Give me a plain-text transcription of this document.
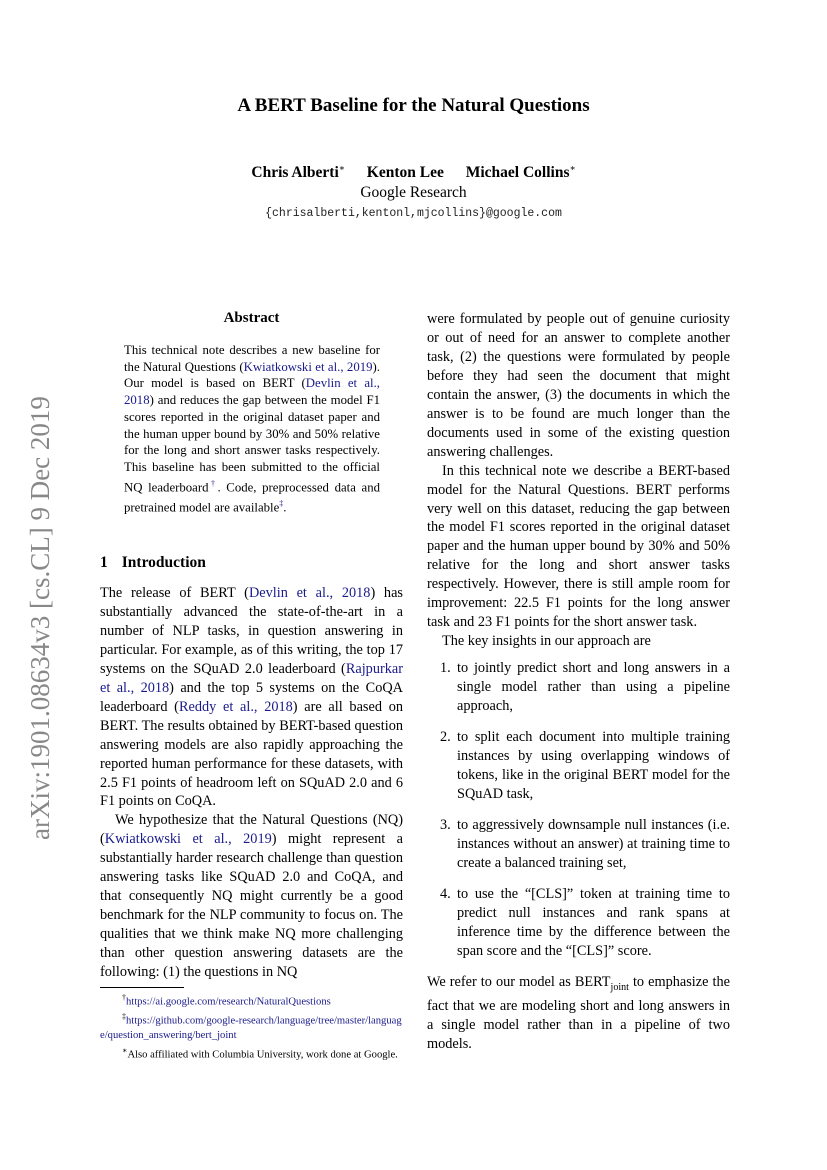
arXiv:1901.08634v3 [cs.CL] 9 Dec 2019
A BERT Baseline for the Natural Questions
Chris Alberti∗ Kenton Lee Michael Collins∗
Google Research
{chrisalberti,kentonl,mjcollins}@google.com
Abstract
This technical note describes a new baseline for the Natural Questions (Kwiatkowski et al., 2019). Our model is based on BERT (Devlin et al., 2018) and reduces the gap between the model F1 scores reported in the original dataset paper and the human upper bound by 30% and 50% relative for the long and short answer tasks respectively. This baseline has been submitted to the official NQ leaderboard†. Code, preprocessed data and pretrained model are available‡.
1 Introduction

The release of BERT (Devlin et al., 2018) has substantially advanced the state-of-the-art in a number of NLP tasks, in question answering in particular. For example, as of this writing, the top 17 systems on the SQuAD 2.0 leaderboard (Rajpurkar et al., 2018) and the top 5 systems on the CoQA leaderboard (Reddy et al., 2018) are all based on BERT. The results obtained by BERT-based question answering models are also rapidly approaching the reported human performance for these datasets, with 2.5 F1 points of headroom left on SQuAD 2.0 and 6 F1 points on CoQA.

We hypothesize that the Natural Questions (NQ) (Kwiatkowski et al., 2019) might represent a substantially harder research challenge than question answering tasks like SQuAD 2.0 and CoQA, and that consequently NQ might currently be a good benchmark for the NLP community to focus on. The qualities that we think make NQ more challenging than other question answering datasets are the following: (1) the questions in NQ

†https://ai.google.com/research/NaturalQuestions

‡https://github.com/google-research/language/tree/master/language/question_answering/bert_joint

∗Also affiliated with Columbia University, work done at Google.

were formulated by people out of genuine curiosity or out of need for an answer to complete another task, (2) the questions were formulated by people before they had seen the document that might contain the answer, (3) the documents in which the answer is to be found are much longer than the documents used in some of the existing question answering challenges.

In this technical note we describe a BERT-based model for the Natural Questions. BERT performs very well on this dataset, reducing the gap between the model F1 scores reported in the original dataset paper and the human upper bound by 30% and 50% relative for the long and short answer tasks respectively. However, there is still ample room for improvement: 22.5 F1 points for the long answer task and 23 F1 points for the short answer task.

The key insights in our approach are

1. to jointly predict short and long answers in a single model rather than using a pipeline approach,
2. to split each document into multiple training instances by using overlapping windows of tokens, like in the original BERT model for the SQuAD task,
3. to aggressively downsample null instances (i.e. instances without an answer) at training time to create a balanced training set,
4. to use the “[CLS]” token at training time to predict null instances and rank spans at inference time by the difference between the span score and the “[CLS]” score.

We refer to our model as $BERT_{joint}$ to emphasize the fact that we are modeling short and long answers in a single model rather than in a pipeline of two models.
